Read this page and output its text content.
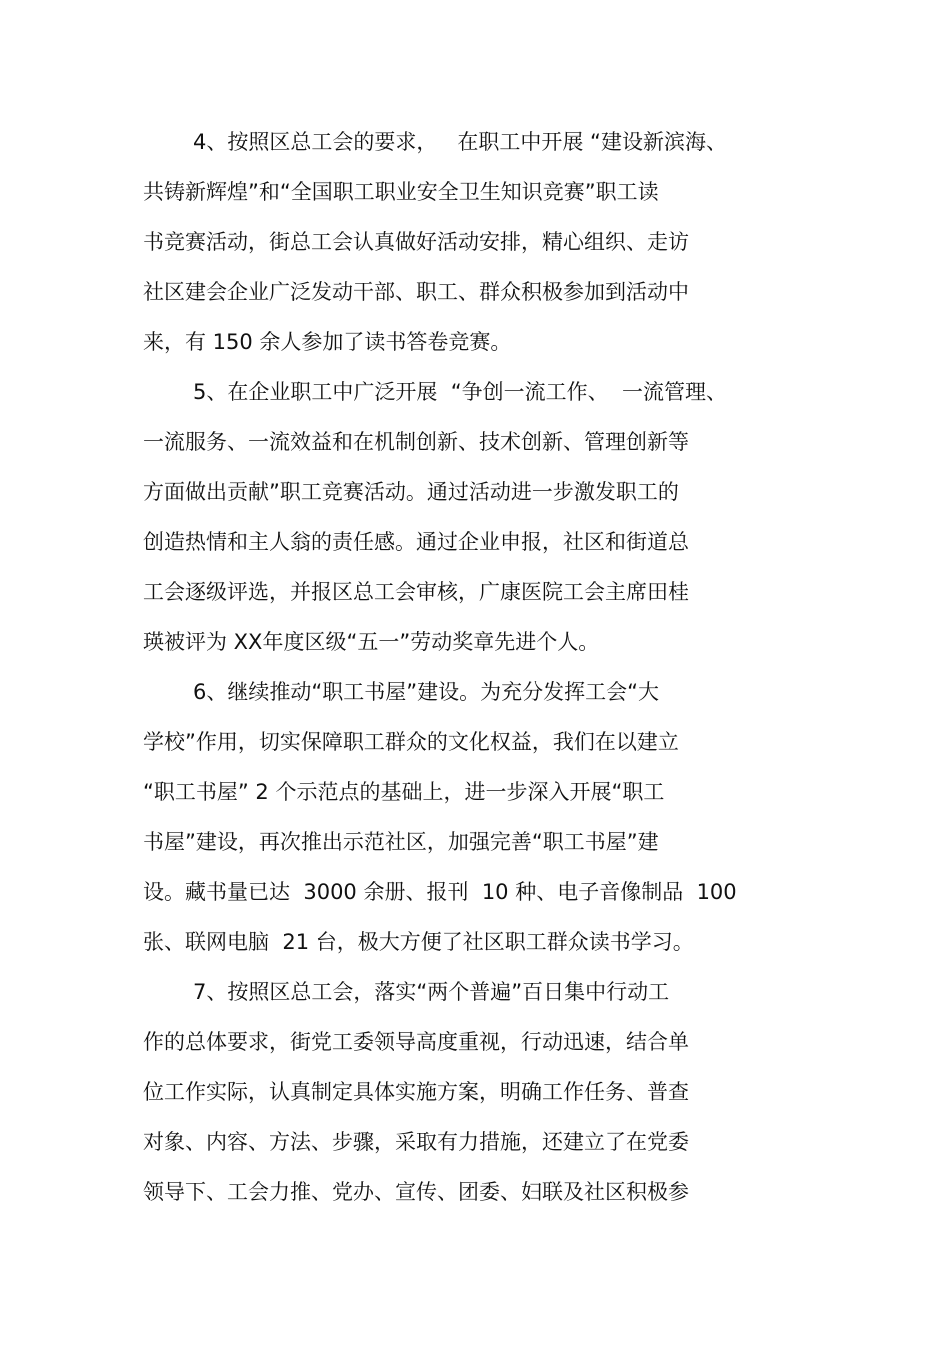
4、按照区总工会的要求，   在职工中开展 “建设新滨海、
共铸新辉煌”和“全国职工职业安全卫生知识竞赛”职工读
书竞赛活动，街总工会认真做好活动安排，精心组织、走访
社区建会企业广泛发动干部、职工、群众积极参加到活动中
来，有 150 余人参加了读书答卷竞赛。
5、在企业职工中广泛开展  “争创一流工作、  一流管理、
一流服务、一流效益和在机制创新、技术创新、管理创新等
方面做出贡献”职工竞赛活动。通过活动进一步激发职工的
创造热情和主人翁的责任感。通过企业申报，社区和街道总
工会逐级评选，并报区总工会审核，广康医院工会主席田桂
瑛被评为 XX年度区级“五一”劳动奖章先进个人。
6、继续推动“职工书屋”建设。为充分发挥工会“大
学校”作用，切实保障职工群众的文化权益，我们在以建立
“职工书屋” 2 个示范点的基础上，进一步深入开展“职工
书屋”建设，再次推出示范社区，加强完善“职工书屋”建
设。藏书量已达  3000 余册、报刊  10 种、电子音像制品  100
张、联网电脑  21 台，极大方便了社区职工群众读书学习。
7、按照区总工会，落实“两个普遍”百日集中行动工
作的总体要求，街党工委领导高度重视，行动迅速，结合单
位工作实际，认真制定具体实施方案，明确工作任务、普查
对象、内容、方法、步骤，采取有力措施，还建立了在党委
领导下、工会力推、党办、宣传、团委、妇联及社区积极参
